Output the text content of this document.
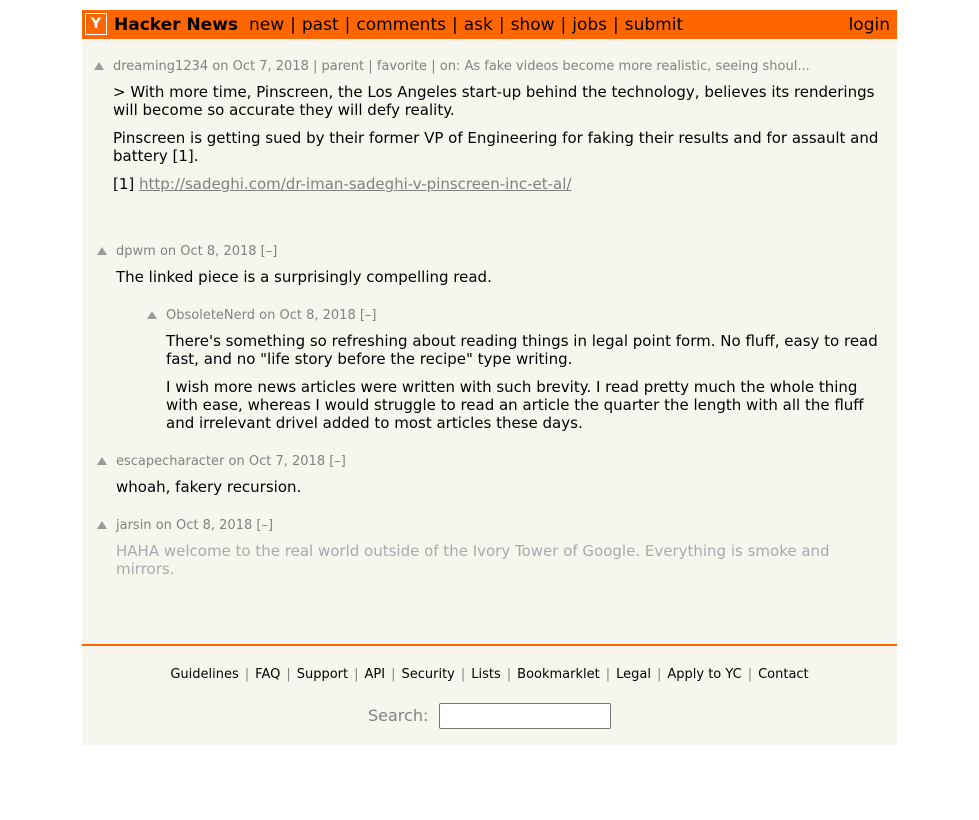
Y Hacker News new | past | comments | ask | show | jobs | submit	login
dreaming1234 on Oct 7, 2018 | parent | favorite | on: As fake videos become more realistic, seeing shoul...
> With more time, Pinscreen, the Los Angeles start-up behind the technology, believes its renderings will become so accurate they will defy reality.
Pinscreen is getting sued by their former VP of Engineering for faking their results and for assault and battery [1].
[1] http://sadeghi.com/dr-iman-sadeghi-v-pinscreen-inc-et-al/
dpwm on Oct 8, 2018 [–]
The linked piece is a surprisingly compelling read.
ObsoleteNerd on Oct 8, 2018 [–]
There's something so refreshing about reading things in legal point form. No fluff, easy to read fast, and no "life story before the recipe" type writing.
I wish more news articles were written with such brevity. I read pretty much the whole thing with ease, whereas I would struggle to read an article the quarter the length with all the fluff and irrelevant drivel added to most articles these days.
escapecharacter on Oct 7, 2018 [–]
whoah, fakery recursion.
jarsin on Oct 8, 2018 [–]
HAHA welcome to the real world outside of the Ivory Tower of Google. Everything is smoke and mirrors.
Guidelines | FAQ | Support | API | Security | Lists | Bookmarklet | Legal | Apply to YC | Contact
Search:
